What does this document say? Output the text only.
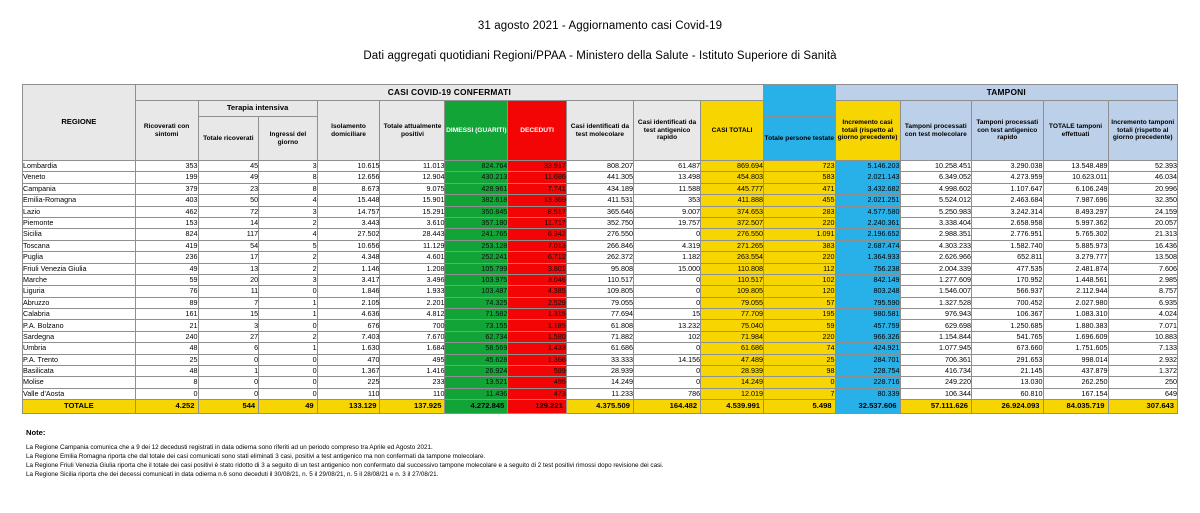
31 agosto 2021 - Aggiornamento casi Covid-19
Dati aggregati quotidiani Regioni/PPAA - Ministero della Salute - Istituto Superiore di Sanità
REGIONE	CASI COVID-19 CONFERMATI											TAMPONI				
	Ricoverati con sintomi	Terapia intensiva		Isolamento domiciliare	Totale attualmente positivi	DIMESSI (GUARITI)	DECEDUTI	Casi identificati da test molecolare	Casi identificati da test antigenico rapido	CASI TOTALI		Incremento casi totali (rispetto al giorno precedente)	Tamponi processati con test molecolare	Tamponi processati con test antigenico rapido	TOTALE tamponi effettuati	Incremento tamponi totali (rispetto al giorno precedente)
		Totale ricoverati	Ingressi del giorno								Totale persone testate					
Lombardia	353	45	3	10.615	11.013	824.764	33.917	808.207	61.487	869.694	723	5.146.203	10.258.451	3.290.038	13.548.489	52.393
Veneto	199	49	8	12.656	12.904	430.213	11.686	441.305	13.498	454.803	583	2.021.143	6.349.052	4.273.959	10.623.011	46.034
Campania	379	23	8	8.673	9.075	428.961	7.741	434.189	11.588	445.777	471	3.432.682	4.998.602	1.107.647	6.106.249	20.996
Emilia-Romagna	403	50	4	15.448	15.901	382.618	13.369	411.531	353	411.888	455	2.021.251	5.524.012	2.463.684	7.987.696	32.350
Lazio	462	72	3	14.757	15.291	350.845	8.517	365.646	9.007	374.653	283	4.577.580	5.250.983	3.242.314	8.493.297	24.159
Piemonte	153	14	2	3.443	3.610	357.180	11.717	352.750	19.757	372.507	220	2.240.361	3.338.404	2.658.958	5.997.362	20.057
Sicilia	824	117	4	27.502	28.443	241.765	6.342	276.550	0	276.550	1.091	2.196.652	2.988.351	2.776.951	5.765.302	21.313
Toscana	419	54	5	10.656	11.129	253.128	7.013	266.846	4.319	271.265	383	2.687.474	4.303.233	1.582.740	5.885.973	16.436
Puglia	236	17	2	4.348	4.601	252.241	6.712	262.372	1.182	263.554	220	1.364.933	2.626.966	652.811	3.279.777	13.508
Friuli Venezia Giulia	49	13	2	1.146	1.208	105.799	3.801	95.808	15.000	110.808	112	756.238	2.004.339	477.535	2.481.874	7.606
Marche	59	20	3	3.417	3.496	103.975	3.046	110.517	0	110.517	102	842.149	1.277.609	170.952	1.448.561	2.985
Liguria	76	11	0	1.846	1.933	103.487	4.385	109.805	0	109.805	120	803.248	1.546.007	566.937	2.112.944	8.757
Abruzzo	89	7	1	2.105	2.201	74.325	2.529	79.055	0	79.055	57	795.590	1.327.528	700.452	2.027.980	6.935
Calabria	161	15	1	4.636	4.812	71.582	1.315	77.694	15	77.709	195	980.581	976.943	106.367	1.083.310	4.024
P.A. Bolzano	21	3	0	676	700	73.155	1.185	61.808	13.232	75.040	59	457.759	629.698	1.250.685	1.880.383	7.071
Sardegna	240	27	2	7.403	7.670	62.734	1.580	71.882	102	71.984	220	966.326	1.154.844	541.765	1.696.609	10.883
Umbria	48	6	1	1.630	1.684	58.569	1.433	61.686	0	61.686	74	424.921	1.077.945	673.660	1.751.605	7.133
P.A. Trento	25	0	0	470	495	45.628	1.366	33.333	14.156	47.489	25	284.701	706.361	291.653	998.014	2.932
Basilicata	48	1	0	1.367	1.416	26.924	599	28.939	0	28.939	98	228.754	416.734	21.145	437.879	1.372
Molise	8	0	0	225	233	13.521	495	14.249	0	14.249	0	228.716	249.220	13.030	262.250	250
Valle d'Aosta	0	0	0	110	110	11.436	473	11.233	786	12.019	7	80.339	106.344	60.810	167.154	649
TOTALE	4.252	544	49	133.129	137.925	4.272.845	129.221	4.375.509	164.482	4.539.991	5.498	32.537.606	57.111.626	26.924.093	84.035.719	307.643
Note:

La Regione Campania comunica che a 9 dei 12 decedusti registrati in data odierna sono riferiti ad un periodo compreso tra Aprile ed Agosto 2021.

La Regione Emilia Romagna riporta che dal totale dei casi comunicati sono stati eliminati 3 casi, positivi a test antigenico ma non confermati da tampone molecolare.

La Regione Friuli Venezia Giulia riporta che il totale dei casi positivi è stato ridotto di 3 a seguito di un test antigenico non confermato dal successivo tampone molecolare e a seguito di 2 test positivi rimossi dopo revisione dei casi.

La Regione Sicilia riporta che dei decessi comunicati in data odierna n.6 sono deceduti il 30/08/21, n. 5 il 29/08/21, n. 5 il 28/08/21 e n. 3 il 27/08/21.
